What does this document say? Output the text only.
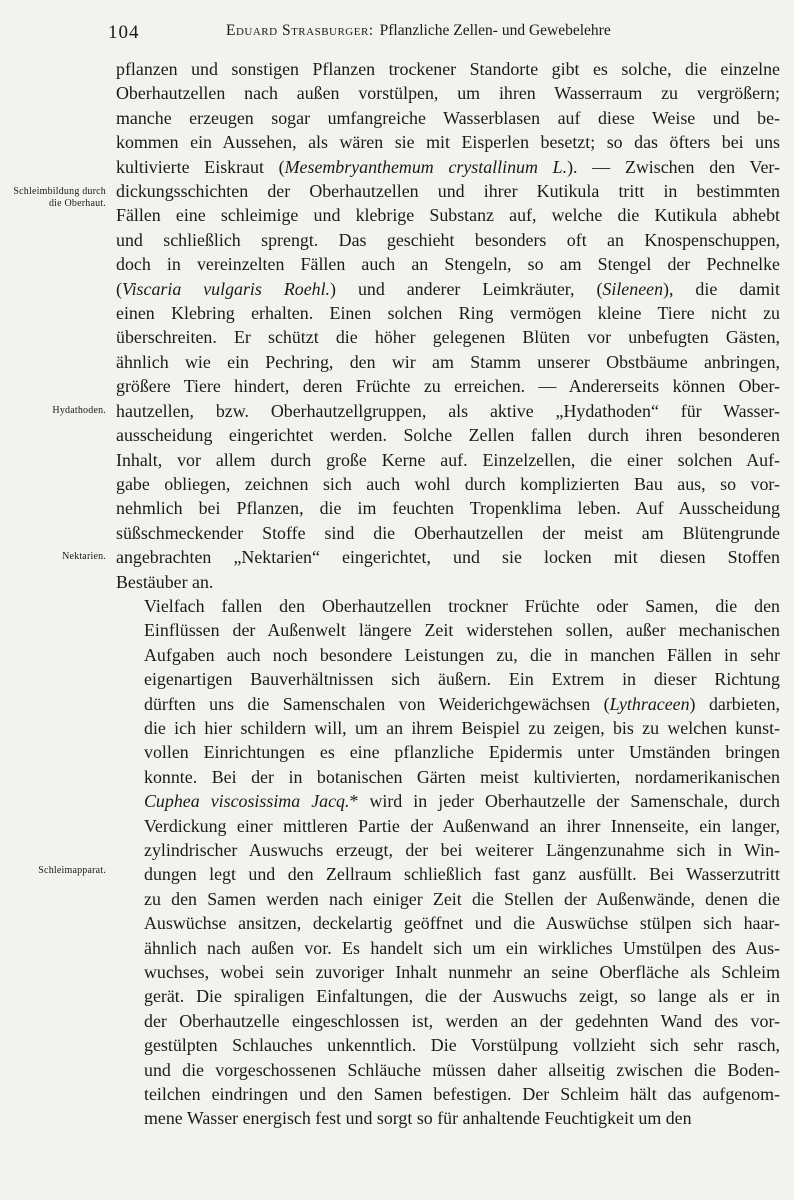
104	Eduard Strasburger: Pflanzliche Zellen- und Gewebelehre
Schleimbildung durch die Oberhaut.
Hydathoden.
Nektarien.
Schleimapparat.

pflanzen und sonstigen Pflanzen trockener Standorte gibt es solche, die einzelne
Oberhautzellen nach außen vorstülpen, um ihren Wasserraum zu vergrößern;
manche erzeugen sogar umfangreiche Wasserblasen auf diese Weise und be-
kommen ein Aussehen, als wären sie mit Eisperlen besetzt; so das öfters bei uns
kultivierte Eiskraut (Mesembryanthemum crystallinum L.). — Zwischen den Ver-
dickungsschichten der Oberhautzellen und ihrer Kutikula tritt in bestimmten
Fällen eine schleimige und klebrige Substanz auf, welche die Kutikula abhebt
und schließlich sprengt. Das geschieht besonders oft an Knospenschuppen,
doch in vereinzelten Fällen auch an Stengeln, so am Stengel der Pechnelke
(Viscaria vulgaris Roehl.) und anderer Leimkräuter, (Sileneen), die damit
einen Klebring erhalten. Einen solchen Ring vermögen kleine Tiere nicht zu
überschreiten. Er schützt die höher gelegenen Blüten vor unbefugten Gästen,
ähnlich wie ein Pechring, den wir am Stamm unserer Obstbäume anbringen,
größere Tiere hindert, deren Früchte zu erreichen. — Andererseits können Ober-
hautzellen, bzw. Oberhautzellgruppen, als aktive „Hydathoden“ für Wasser-
ausscheidung eingerichtet werden. Solche Zellen fallen durch ihren besonderen
Inhalt, vor allem durch große Kerne auf. Einzelzellen, die einer solchen Auf-
gabe obliegen, zeichnen sich auch wohl durch komplizierten Bau aus, so vor-
nehmlich bei Pflanzen, die im feuchten Tropenklima leben. Auf Ausscheidung
süßschmeckender Stoffe sind die Oberhautzellen der meist am Blütengrunde
angebrachten „Nektarien“ eingerichtet, und sie locken mit diesen Stoffen
Bestäuber an.

Vielfach fallen den Oberhautzellen trockner Früchte oder Samen, die den
Einflüssen der Außenwelt längere Zeit widerstehen sollen, außer mechanischen
Aufgaben auch noch besondere Leistungen zu, die in manchen Fällen in sehr
eigenartigen Bauverhältnissen sich äußern. Ein Extrem in dieser Richtung
dürften uns die Samenschalen von Weiderichgewächsen (Lythraceen) darbieten,
die ich hier schildern will, um an ihrem Beispiel zu zeigen, bis zu welchen kunst-
vollen Einrichtungen es eine pflanzliche Epidermis unter Umständen bringen
konnte. Bei der in botanischen Gärten meist kultivierten, nordamerikanischen
Cuphea viscosissima Jacq.* wird in jeder Oberhautzelle der Samenschale, durch
Verdickung einer mittleren Partie der Außenwand an ihrer Innenseite, ein langer,
zylindrischer Auswuchs erzeugt, der bei weiterer Längenzunahme sich in Win-
dungen legt und den Zellraum schließlich fast ganz ausfüllt. Bei Wasserzutritt
zu den Samen werden nach einiger Zeit die Stellen der Außenwände, denen die
Auswüchse ansitzen, deckelartig geöffnet und die Auswüchse stülpen sich haar-
ähnlich nach außen vor. Es handelt sich um ein wirkliches Umstülpen des Aus-
wuchses, wobei sein zuvoriger Inhalt nunmehr an seine Oberfläche als Schleim
gerät. Die spiraligen Einfaltungen, die der Auswuchs zeigt, so lange als er in
der Oberhautzelle eingeschlossen ist, werden an der gedehnten Wand des vor-
gestülpten Schlauches unkenntlich. Die Vorstülpung vollzieht sich sehr rasch,
und die vorgeschossenen Schläuche müssen daher allseitig zwischen die Boden-
teilchen eindringen und den Samen befestigen. Der Schleim hält das aufgenom-
mene Wasser energisch fest und sorgt so für anhaltende Feuchtigkeit um den
